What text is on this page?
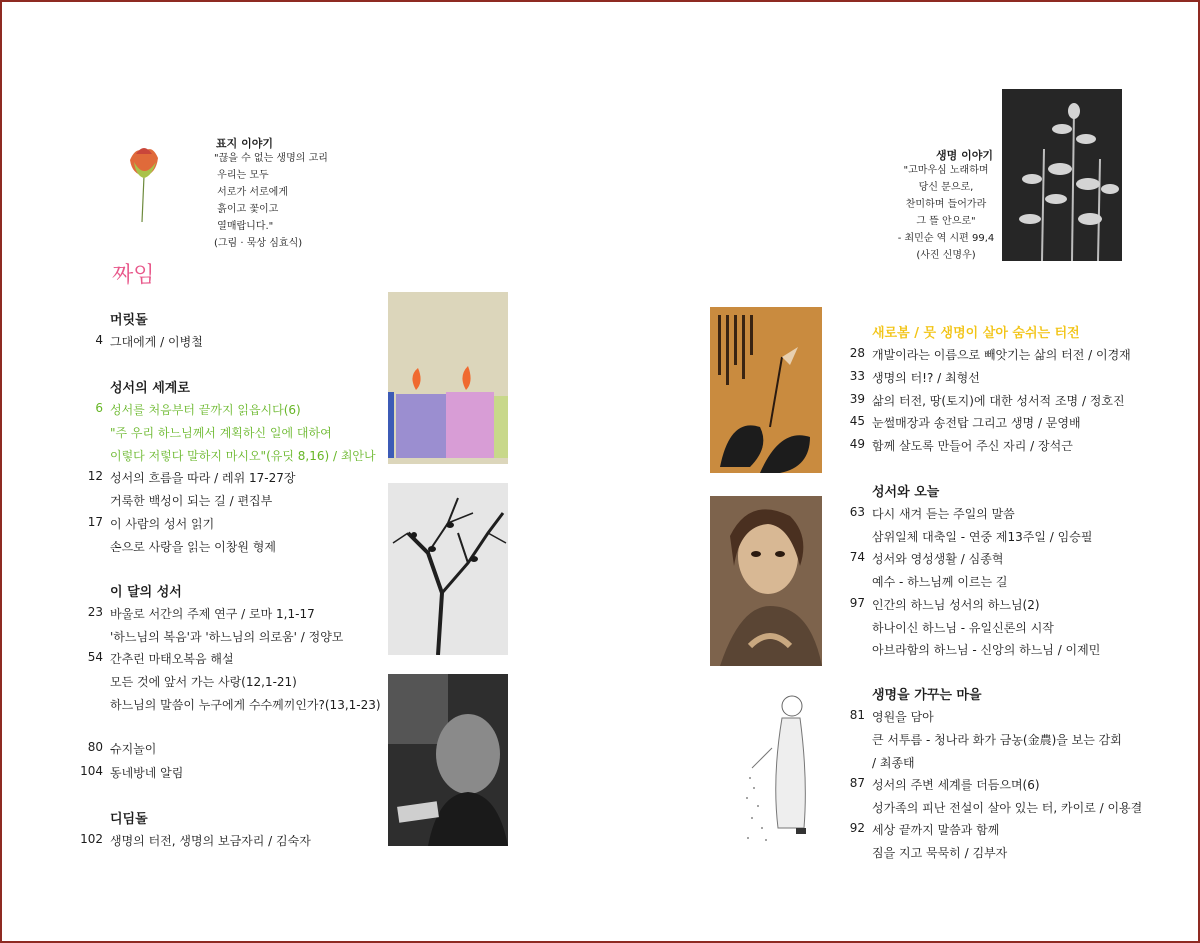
표지 이야기
"끊을 수 없는 생명의 고리
우리는 모두
서로가 서로에게
흙이고 꽃이고
열매랍니다."
(그림 · 묵상 심효식)
생명 이야기
"고마우심 노래하며
당신 문으로,
찬미하며 들어가라
그 뜰 안으로"
- 최민순 역 시편 99,4
(사진 신명우)
짜임
머릿돌
4 그대에게 / 이병철
성서의 세계로
6 성서를 처음부터 끝까지 읽읍시다(6)
"주 우리 하느님께서 계획하신 일에 대하여
이렇다 저렇다 말하지 마시오"(유딧 8,16) / 최안나
12 성서의 흐름을 따라 / 레위 17-27장
거룩한 백성이 되는 길 / 편집부
17 이 사람의 성서 읽기
손으로 사랑을 읽는 이창원 형제
이 달의 성서
23 바울로 서간의 주제 연구 / 로마 1,1-17
'하느님의 복음'과 '하느님의 의로움' / 정양모
54 간추린 마태오복음 해설
모든 것에 앞서 가는 사랑(12,1-21)
하느님의 말씀이 누구에게 수수께끼인가?(13,1-23)
80 슈지놀이
104 동네방네 알림
디딤돌
102 생명의 터전, 생명의 보금자리 / 김숙자
새로봄 / 뭇 생명이 살아 숨쉬는 터전
28 개발이라는 이름으로 빼앗기는 삶의 터전 / 이경재
33 생명의 터!? / 최형선
39 삶의 터전, 땅(토지)에 대한 성서적 조명 / 정호진
45 눈썰매장과 송전탑 그리고 생명 / 문영배
49 함께 살도록 만들어 주신 자리 / 장석근
성서와 오늘
63 다시 새겨 듣는 주일의 말씀
삼위일체 대축일 - 연중 제13주일 / 임승필
74 성서와 영성생활 / 심종혁
예수 - 하느님께 이르는 길
97 인간의 하느님 성서의 하느님(2)
하나이신 하느님 - 유일신론의 시작
아브라함의 하느님 - 신앙의 하느님 / 이제민
생명을 가꾸는 마을
81 영원을 담아
큰 서투름 - 청나라 화가 금농(金農)을 보는 감회
/ 최종태
87 성서의 주변 세계를 더듬으며(6)
성가족의 피난 전설이 살아 있는 터, 카이로 / 이용결
92 세상 끝까지 말씀과 함께
짐을 지고 묵묵히 / 김부자
